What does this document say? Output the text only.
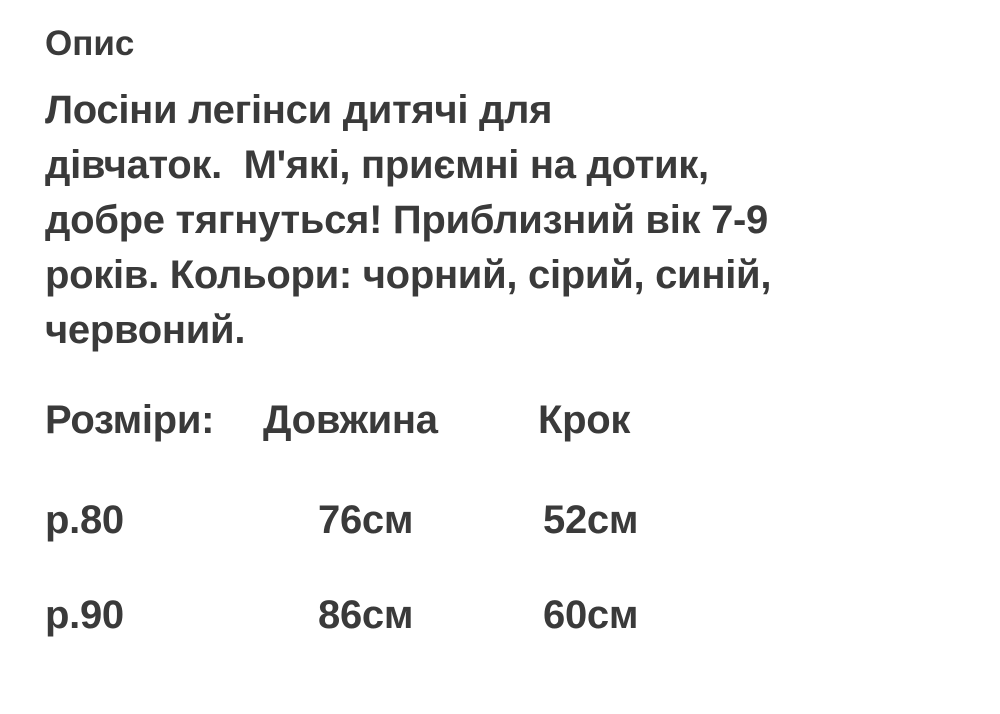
Опис
Лосіни легінси дитячі для
дівчаток.  М'які, приємні на дотик,
добре тягнуться! Приблизний вік 7-9
років. Кольори: чорний, сірий, синій,
червоний.
Розміри: Довжина	Крок
р.80	76см	52см
р.90	86см	60см
